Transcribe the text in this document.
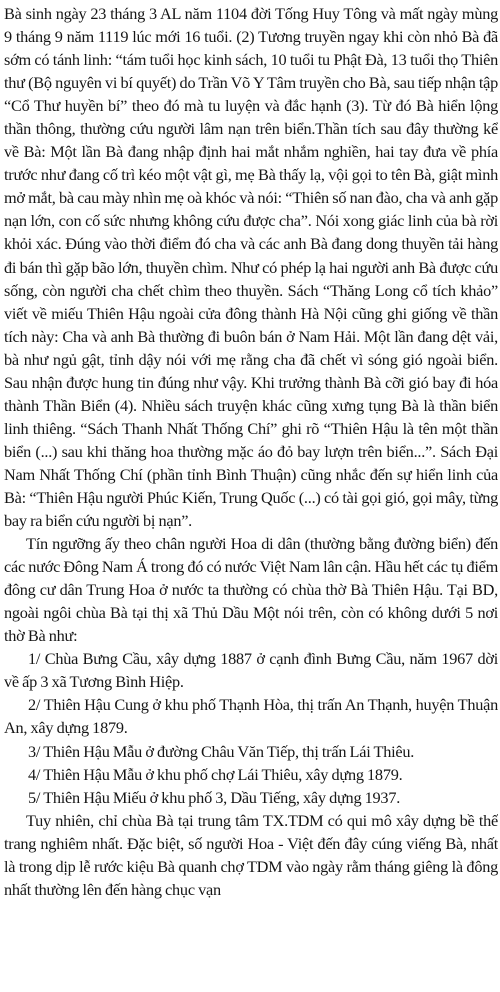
Bà sinh ngày 23 tháng 3 AL năm 1104 đời Tống Huy Tông và mất ngày mùng 9 tháng 9 năm 1119 lúc mới 16 tuổi. (2) Tương truyền ngay khi còn nhỏ Bà đã sớm có tánh linh: “tám tuổi học kinh sách, 10 tuổi tu Phật Đà, 13 tuổi thọ Thiên thư (Bộ nguyên vi bí quyết) do Trần Võ Y Tâm truyền cho Bà, sau tiếp nhận tập “Cổ Thư huyền bí” theo đó mà tu luyện và đắc hạnh (3). Từ đó Bà hiển lộng thần thông, thường cứu người lâm nạn trên biển.Thần tích sau đây thường kể về Bà: Một lần Bà đang nhập định hai mắt nhắm nghiền, hai tay đưa về phía trước như đang cố trì kéo một vật gì, mẹ Bà thấy lạ, vội gọi to tên Bà, giật mình mở mắt, bà cau mày nhìn mẹ oà khóc và nói: “Thiên số nan đào, cha và anh gặp nạn lớn, con cố sức nhưng không cứu được cha”. Nói xong giác linh của bà rời khỏi xác. Đúng vào thời điểm đó cha và các anh Bà đang dong thuyền tải hàng đi bán thì gặp bão lớn, thuyền chìm. Như có phép lạ hai người anh Bà được cứu sống, còn người cha chết chìm theo thuyền. Sách “Thăng Long cổ tích khảo” viết về miếu Thiên Hậu ngoài cửa đông thành Hà Nội cũng ghi giống về thần tích này: Cha và anh Bà thường đi buôn bán ở Nam Hải. Một lần đang dệt vải, bà như ngủ gật, tỉnh dậy nói với mẹ rằng cha đã chết vì sóng gió ngoài biển. Sau nhận được hung tin đúng như vậy. Khi trưởng thành Bà cỡi gió bay đi hóa thành Thần Biển (4). Nhiều sách truyện khác cũng xưng tụng Bà là thần biển linh thiêng. “Sách Thanh Nhất Thống Chí” ghi rõ “Thiên Hậu là tên một thần biển (...) sau khi thăng hoa thường mặc áo đỏ bay lượn trên biển...”. Sách Đại Nam Nhất Thống Chí (phần tỉnh Bình Thuận) cũng nhắc đến sự hiển linh của Bà: “Thiên Hậu người Phúc Kiến, Trung Quốc (...) có tài gọi gió, gọi mây, từng bay ra biển cứu người bị nạn”.

Tín ngưỡng ấy theo chân người Hoa di dân (thường bằng đường biển) đến các nước Đông Nam Á trong đó có nước Việt Nam lân cận. Hầu hết các tụ điểm đông cư dân Trung Hoa ở nước ta thường có chùa thờ Bà Thiên Hậu. Tại BD, ngoài ngôi chùa Bà tại thị xã Thủ Dầu Một nói trên, còn có không dưới 5 nơi thờ Bà như:

1/ Chùa Bưng Cầu, xây dựng 1887 ở cạnh đình Bưng Cầu, năm 1967 dời về ấp 3 xã Tương Bình Hiệp.

2/ Thiên Hậu Cung ở khu phố Thạnh Hòa, thị trấn An Thạnh, huyện Thuận An, xây dựng 1879.

3/ Thiên Hậu Mẫu ở đường Châu Văn Tiếp, thị trấn Lái Thiêu.

4/ Thiên Hậu Mẫu ở khu phố chợ Lái Thiêu, xây dựng 1879.

5/ Thiên Hậu Miếu ở khu phố 3, Dầu Tiếng, xây dựng 1937.

Tuy nhiên, chỉ chùa Bà tại trung tâm TX.TDM có qui mô xây dựng bề thế trang nghiêm nhất. Đặc biệt, số người Hoa - Việt đến đây cúng viếng Bà, nhất là trong dịp lễ rước kiệu Bà quanh chợ TDM vào ngày rằm tháng giêng là đông nhất thường lên đến hàng chục vạn
